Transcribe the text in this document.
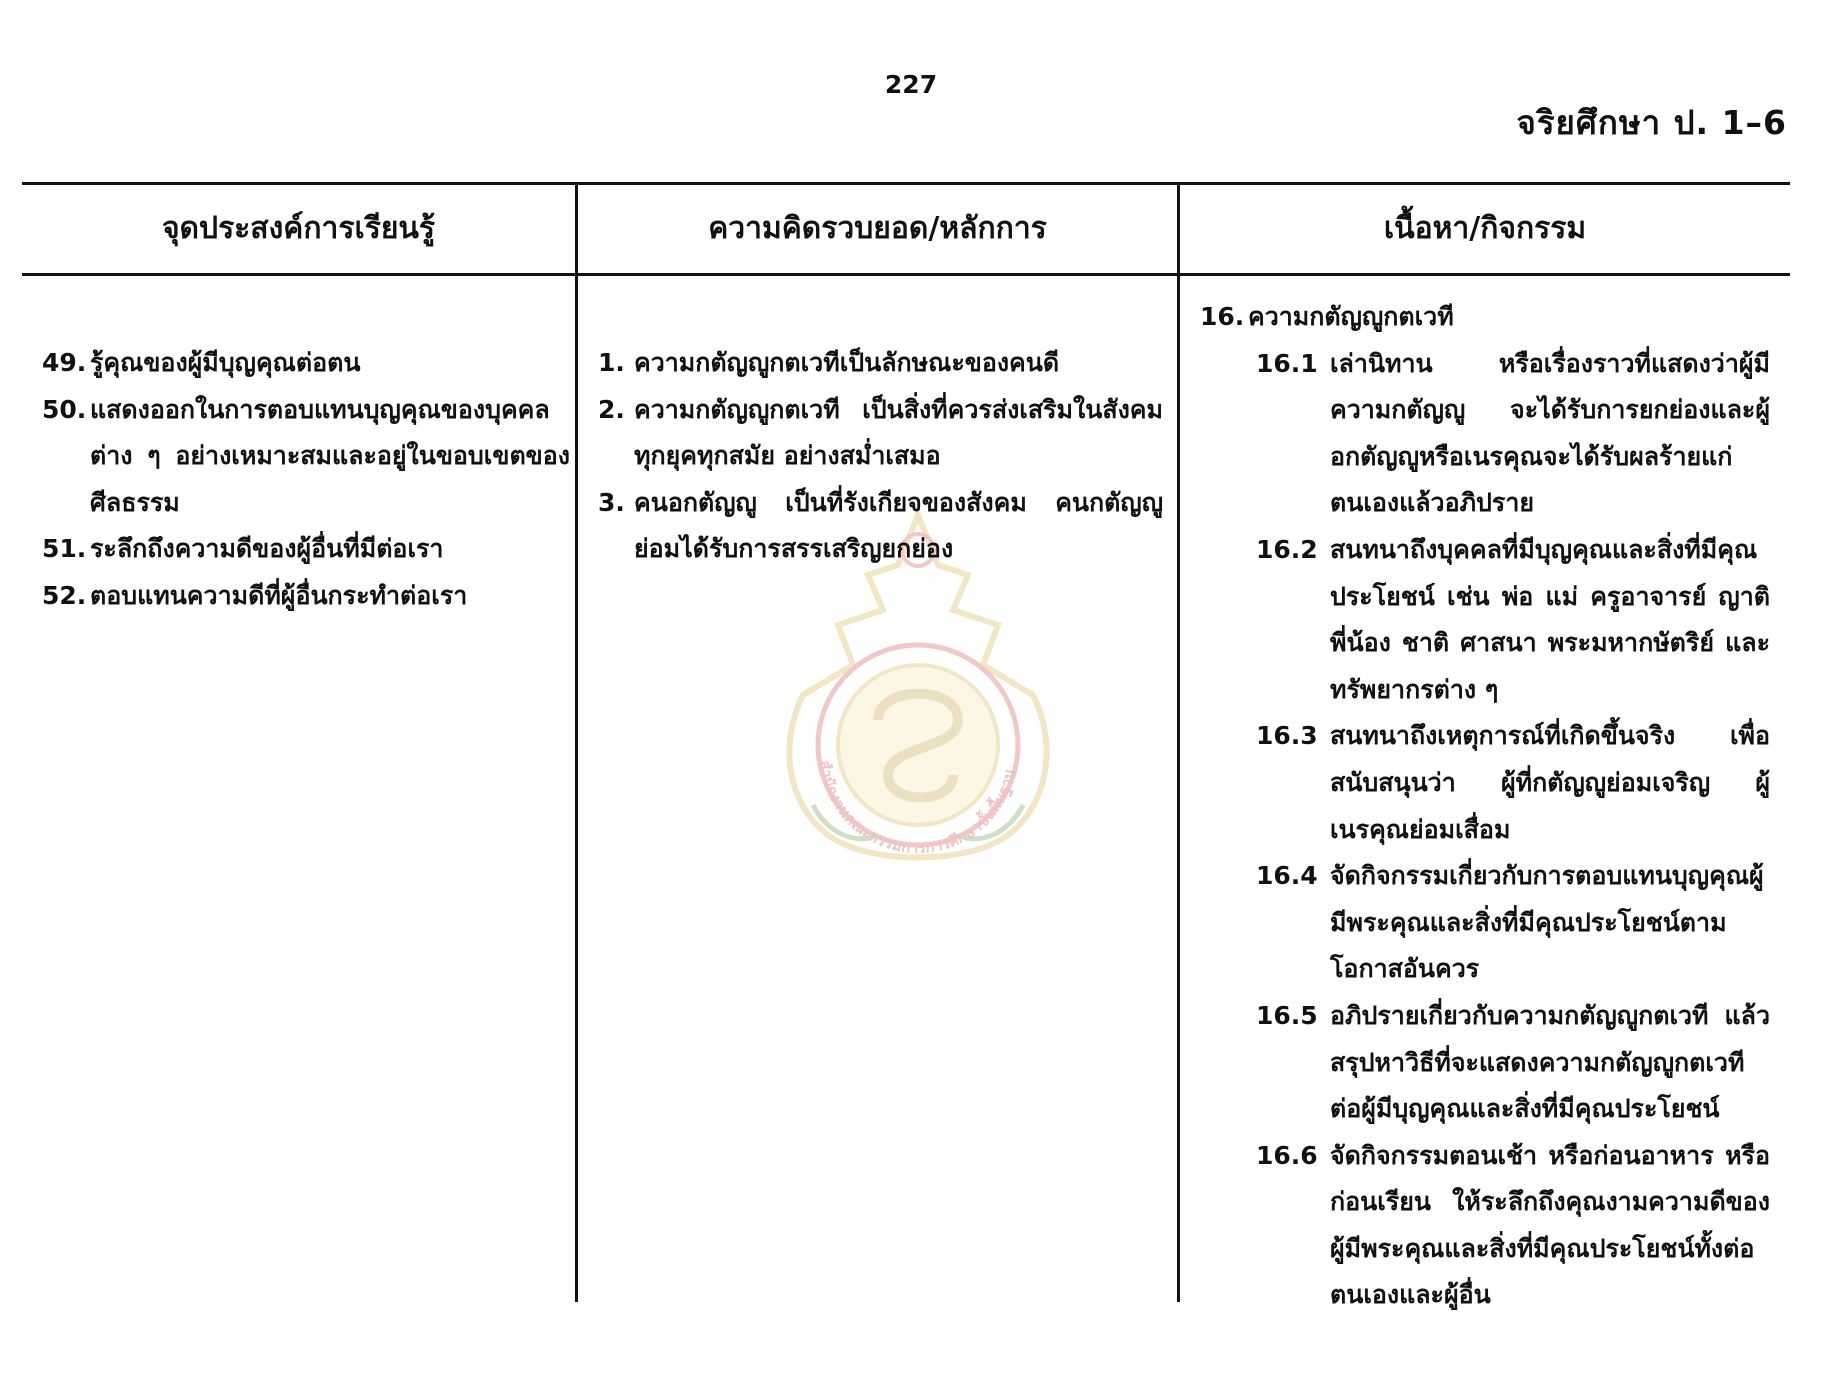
227
จริยศึกษา ป. 1–6
จุดประสงค์การเรียนรู้	ความคิดรวบยอด/หลักการ	เนื้อหา/กิจกรรม
สำนักงานคณะกรรมการการศึกษาขั้นพื้นฐาน
49. รู้คุณของผู้มีบุญคุณต่อตน
50. แสดงออกในการตอบแทนบุญคุณของบุคคลต่าง ๆ อย่างเหมาะสมและอยู่ในขอบเขตของศีลธรรม
51. ระลึกถึงความดีของผู้อื่นที่มีต่อเรา
52. ตอบแทนความดีที่ผู้อื่นกระทำต่อเรา
1. ความกตัญญูกตเวทีเป็นลักษณะของคนดี
2. ความกตัญญูกตเวที เป็นสิ่งที่ควรส่งเสริมในสังคมทุกยุคทุกสมัย อย่างสม่ำเสมอ
3. คนอกตัญญู เป็นที่รังเกียจของสังคม คนกตัญญูย่อมได้รับการสรรเสริญยกย่อง
16. ความกตัญญูกตเวที
16.1 เล่านิทาน หรือเรื่องราวที่แสดงว่าผู้มีความกตัญญู จะได้รับการยกย่องและผู้อกตัญญูหรือเนรคุณจะได้รับผลร้ายแก่ตนเองแล้วอภิปราย
16.2 สนทนาถึงบุคคลที่มีบุญคุณและสิ่งที่มีคุณประโยชน์ เช่น พ่อ แม่ ครูอาจารย์ ญาติ พี่น้อง ชาติ ศาสนา พระมหากษัตริย์ และทรัพยากรต่าง ๆ
16.3 สนทนาถึงเหตุการณ์ที่เกิดขึ้นจริง เพื่อสนับสนุนว่า ผู้ที่กตัญญูย่อมเจริญ ผู้เนรคุณย่อมเสื่อม
16.4 จัดกิจกรรมเกี่ยวกับการตอบแทนบุญคุณผู้มีพระคุณและสิ่งที่มีคุณประโยชน์ตามโอกาสอันควร
16.5 อภิปรายเกี่ยวกับความกตัญญูกตเวที แล้วสรุปหาวิธีที่จะแสดงความกตัญญูกตเวทีต่อผู้มีบุญคุณและสิ่งที่มีคุณประโยชน์
16.6 จัดกิจกรรมตอนเช้า หรือก่อนอาหาร หรือก่อนเรียน ให้ระลึกถึงคุณงามความดีของผู้มีพระคุณและสิ่งที่มีคุณประโยชน์ทั้งต่อตนเองและผู้อื่น
